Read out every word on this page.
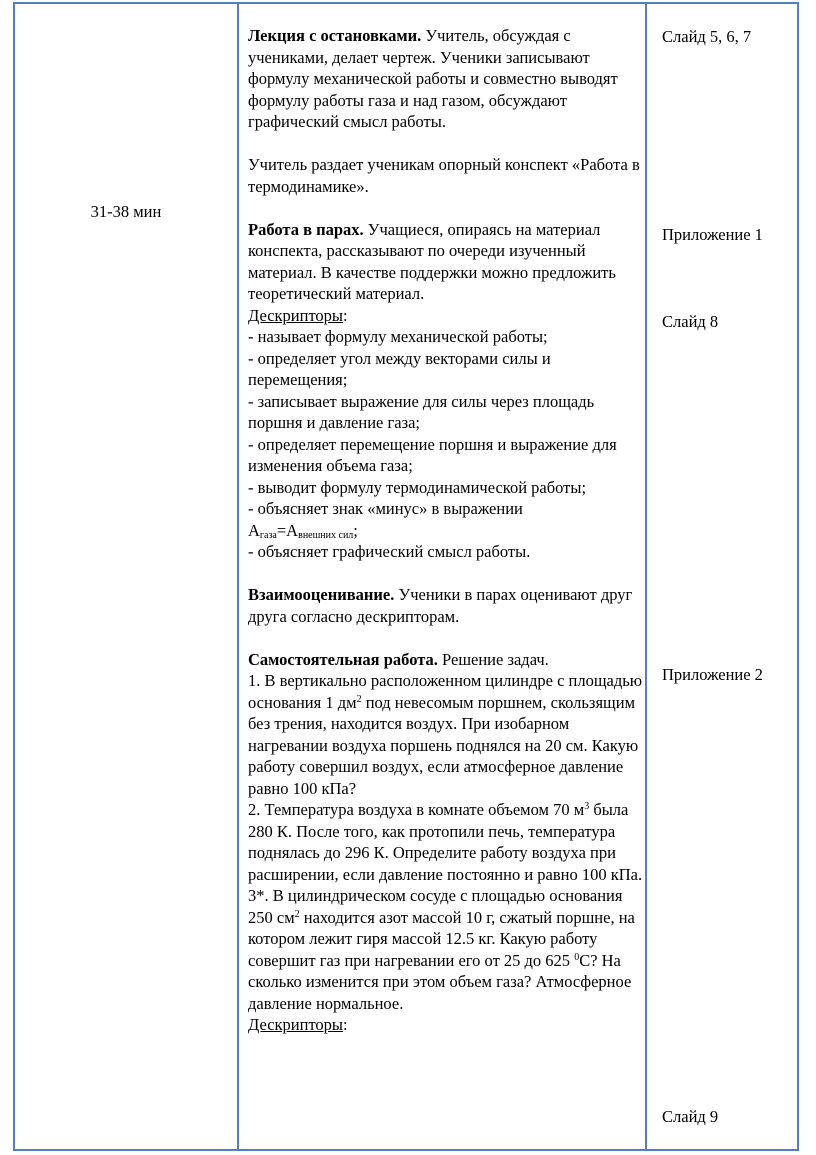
31-38 мин

Лекция с остановками. Учитель, обсуждая с учениками, делает чертеж. Ученики записывают формулу механической работы и совместно выводят формулу работы газа и над газом, обсуждают графический смысл работы.

Учитель раздает ученикам опорный конспект «Работа в термодинамике».

Работа в парах. Учащиеся, опираясь на материал конспекта, рассказывают по очереди изученный материал. В качестве поддержки можно предложить теоретический материал.

Дескрипторы:

- называет формулу механической работы;

- определяет угол между векторами силы и перемещения;

- записывает выражение для силы через площадь поршня и давление газа;

- определяет перемещение поршня и выражение для изменения объема газа;

- выводит формулу термодинамической работы;

- объясняет знак «минус» в выражении
$А_{газа}=А_{внешних сил}$;

- объясняет графический смысл работы.

Взаимооценивание. Ученики в парах оценивают друг друга согласно дескрипторам.

Самостоятельная работа. Решение задач.

1. В вертикально расположенном цилиндре с площадью основания 1 $дм^2$ под невесомым поршнем, скользящим без трения, находится воздух. При изобарном нагревании воздуха поршень поднялся на 20 см. Какую работу совершил воздух, если атмосферное давление равно 100 кПа?

2. Температура воздуха в комнате объемом 70 $м^3$ была 280 К. После того, как протопили печь, температура поднялась до 296 К. Определите работу воздуха при расширении, если давление постоянно и равно 100 кПа.

3*. В цилиндрическом сосуде с площадью основания 250 $см^2$ находится азот массой 10 г, сжатый поршне, на котором лежит гиря массой 12.5 кг. Какую работу совершит газ при нагревании его от 25 до 625 $^0$С? На сколько изменится при этом объем газа? Атмосферное давление нормальное.

Дескрипторы:

Слайд 5, 6, 7
Приложение 1
Слайд 8
Приложение 2
Слайд 9
